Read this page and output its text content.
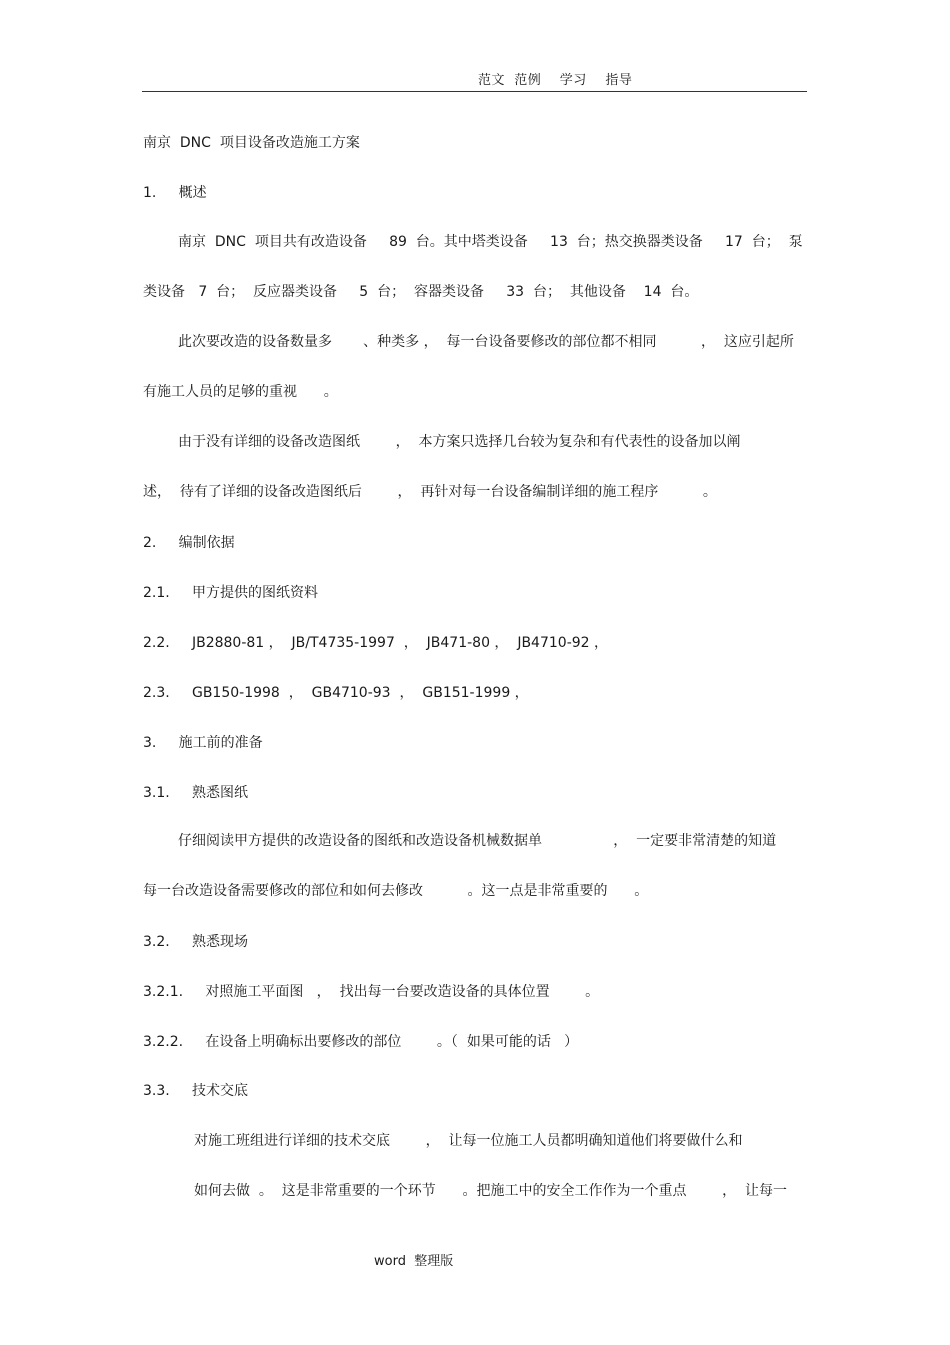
范文  范例    学习    指导
南京  DNC  项目设备改造施工方案
1.     概述
南京  DNC  项目共有改造设备     89  台。其中塔类设备     13  台；热交换器类设备     17  台；  泵
类设备   7  台；  反应器类设备     5  台；  容器类设备     33  台；  其他设备    14  台。
此次要改造的设备数量多       、种类多 ，  每一台设备要修改的部位都不相同          ，  这应引起所
有施工人员的足够的重视      。
由于没有详细的设备改造图纸        ，  本方案只选择几台较为复杂和有代表性的设备加以阐
述，  待有了详细的设备改造图纸后        ，  再针对每一台设备编制详细的施工程序          。
2.     编制依据
2.1.     甲方提供的图纸资料
2.2.     JB2880-81 ，  JB/T4735-1997  ，  JB471-80 ，  JB4710-92 ，
2.3.     GB150-1998  ，  GB4710-93  ，  GB151-1999 ，
3.     施工前的准备
3.1.     熟悉图纸
仔细阅读甲方提供的改造设备的图纸和改造设备机械数据单                ，  一定要非常清楚的知道
每一台改造设备需要修改的部位和如何去修改          。这一点是非常重要的      。
3.2.     熟悉现场
3.2.1.     对照施工平面图   ，  找出每一台要改造设备的具体位置        。
3.2.2.     在设备上明确标出要修改的部位        。（  如果可能的话   ）
3.3.     技术交底
对施工班组进行详细的技术交底        ，  让每一位施工人员都明确知道他们将要做什么和
如何去做  。  这是非常重要的一个环节      。把施工中的安全工作作为一个重点        ，  让每一
word  整理版
